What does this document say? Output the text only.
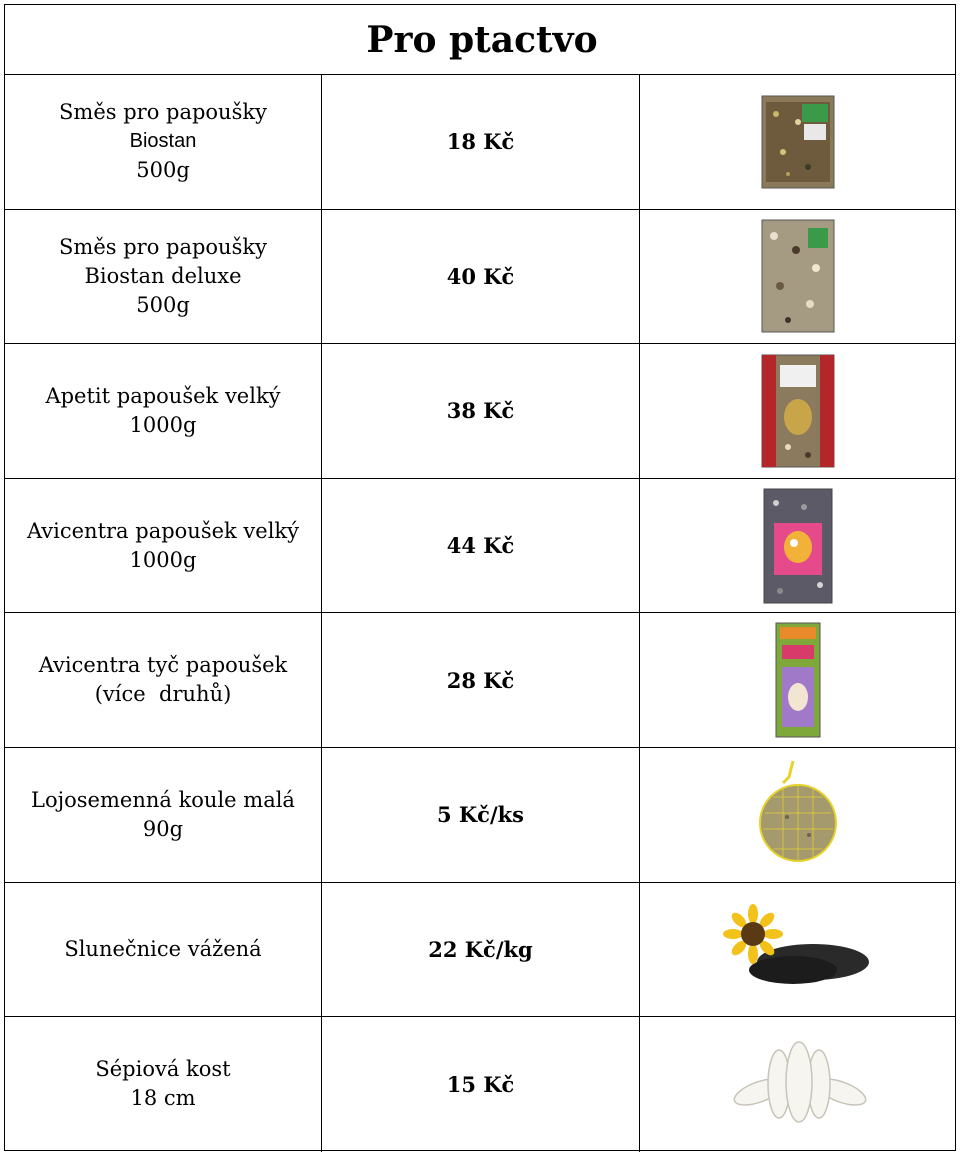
Pro ptactvo
Směs pro papoušky
Biostan
500g
18 Kč
Směs pro papoušky
Biostan deluxe
500g
40 Kč
Apetit papoušek velký
1000g
38 Kč
Avicentra papoušek velký
1000g
44 Kč
Avicentra tyč papoušek
(více  druhů)
28 Kč
Lojosemenná koule malá
90g
5 Kč/ks
Slunečnice vážená	22 Kč/kg
Sépiová kost
18 cm
15 Kč
